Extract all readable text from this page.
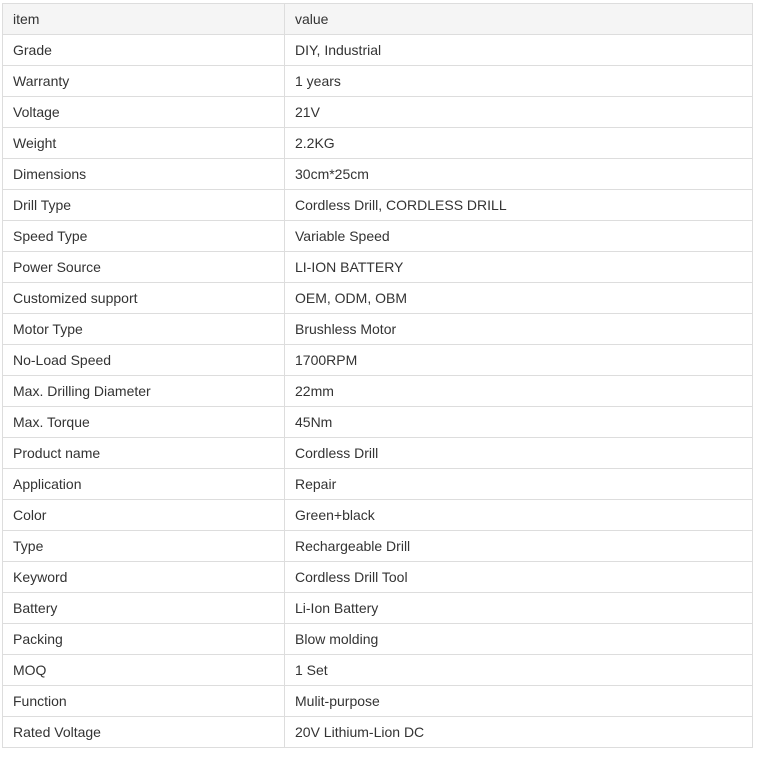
item	value
Grade	DIY, Industrial
Warranty	1 years
Voltage	21V
Weight	2.2KG
Dimensions	30cm*25cm
Drill Type	Cordless Drill, CORDLESS DRILL
Speed Type	Variable Speed
Power Source	LI-ION BATTERY
Customized support	OEM, ODM, OBM
Motor Type	Brushless Motor
No-Load Speed	1700RPM
Max. Drilling Diameter	22mm
Max. Torque	45Nm
Product name	Cordless Drill
Application	Repair
Color	Green+black
Type	Rechargeable Drill
Keyword	Cordless Drill Tool
Battery	Li-Ion Battery
Packing	Blow molding
MOQ	1 Set
Function	Mulit-purpose
Rated Voltage	20V Lithium-Lion DC
